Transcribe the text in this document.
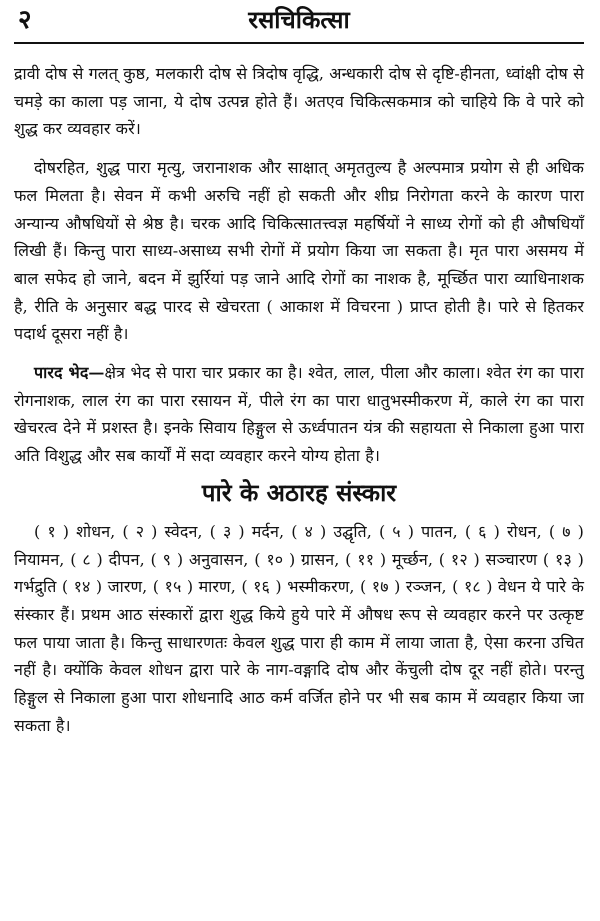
२	रसचिकित्सा

द्रावी दोष से गलत् कुष्ठ, मलकारी दोष से त्रिदोष वृद्धि, अन्धकारी दोष से दृष्टि-हीनता, ध्वांक्षी दोष से चमड़े का काला पड़ जाना, ये दोष उत्पन्न होते हैं। अतएव चिकित्सकमात्र को चाहिये कि वे पारे को शुद्ध कर व्यवहार करें।

दोषरहित, शुद्ध पारा मृत्यु, जरानाशक और साक्षात् अमृततुल्य है अल्पमात्र प्रयोग से ही अधिक फल मिलता है। सेवन में कभी अरुचि नहीं हो सकती और शीघ्र निरोगता करने के कारण पारा अन्यान्य औषधियों से श्रेष्ठ है। चरक आदि चिकित्सातत्त्वज्ञ महर्षियों ने साध्य रोगों को ही औषधियाँ लिखी हैं। किन्तु पारा साध्य-असाध्य सभी रोगों में प्रयोग किया जा सकता है। मृत पारा असमय में बाल सफेद हो जाने, बदन में झुर्रियां पड़ जाने आदि रोगों का नाशक है, मूर्च्छित पारा व्याधिनाशक है, रीति के अनुसार बद्ध पारद से खेचरता ( आकाश में विचरना ) प्राप्त होती है। पारे से हितकर पदार्थ दूसरा नहीं है।

पारद भेद—क्षेत्र भेद से पारा चार प्रकार का है। श्वेत, लाल, पीला और काला। श्वेत रंग का पारा रोगनाशक, लाल रंग का पारा रसायन में, पीले रंग का पारा धातुभस्मीकरण में, काले रंग का पारा खेचरत्व देने में प्रशस्त है। इनके सिवाय हिङ्गुल से ऊर्ध्वपातन यंत्र की सहायता से निकाला हुआ पारा अति विशुद्ध और सब कार्यों में सदा व्यवहार करने योग्य होता है।

पारे के अठारह संस्कार

( १ ) शोधन, ( २ ) स्वेदन, ( ३ ) मर्दन, ( ४ ) उद्घृति, ( ५ ) पातन, ( ६ ) रोधन, ( ७ ) नियामन, ( ८ ) दीपन, ( ९ ) अनुवासन, ( १० ) ग्रासन, ( ११ ) मूर्च्छन, ( १२ ) सञ्चारण ( १३ ) गर्भद्रुति ( १४ ) जारण, ( १५ ) मारण, ( १६ ) भस्मीकरण, ( १७ ) रञ्जन, ( १८ ) वेधन ये पारे के संस्कार हैं। प्रथम आठ संस्कारों द्वारा शुद्ध किये हुये पारे में औषध रूप से व्यवहार करने पर उत्कृष्ट फल पाया जाता है। किन्तु साधारणतः केवल शुद्ध पारा ही काम में लाया जाता है, ऐसा करना उचित नहीं है। क्योंकि केवल शोधन द्वारा पारे के नाग-वङ्गादि दोष और केंचुली दोष दूर नहीं होते। परन्तु हिङ्गुल से निकाला हुआ पारा शोधनादि आठ कर्म वर्जित होने पर भी सब काम में व्यवहार किया जा सकता है।
